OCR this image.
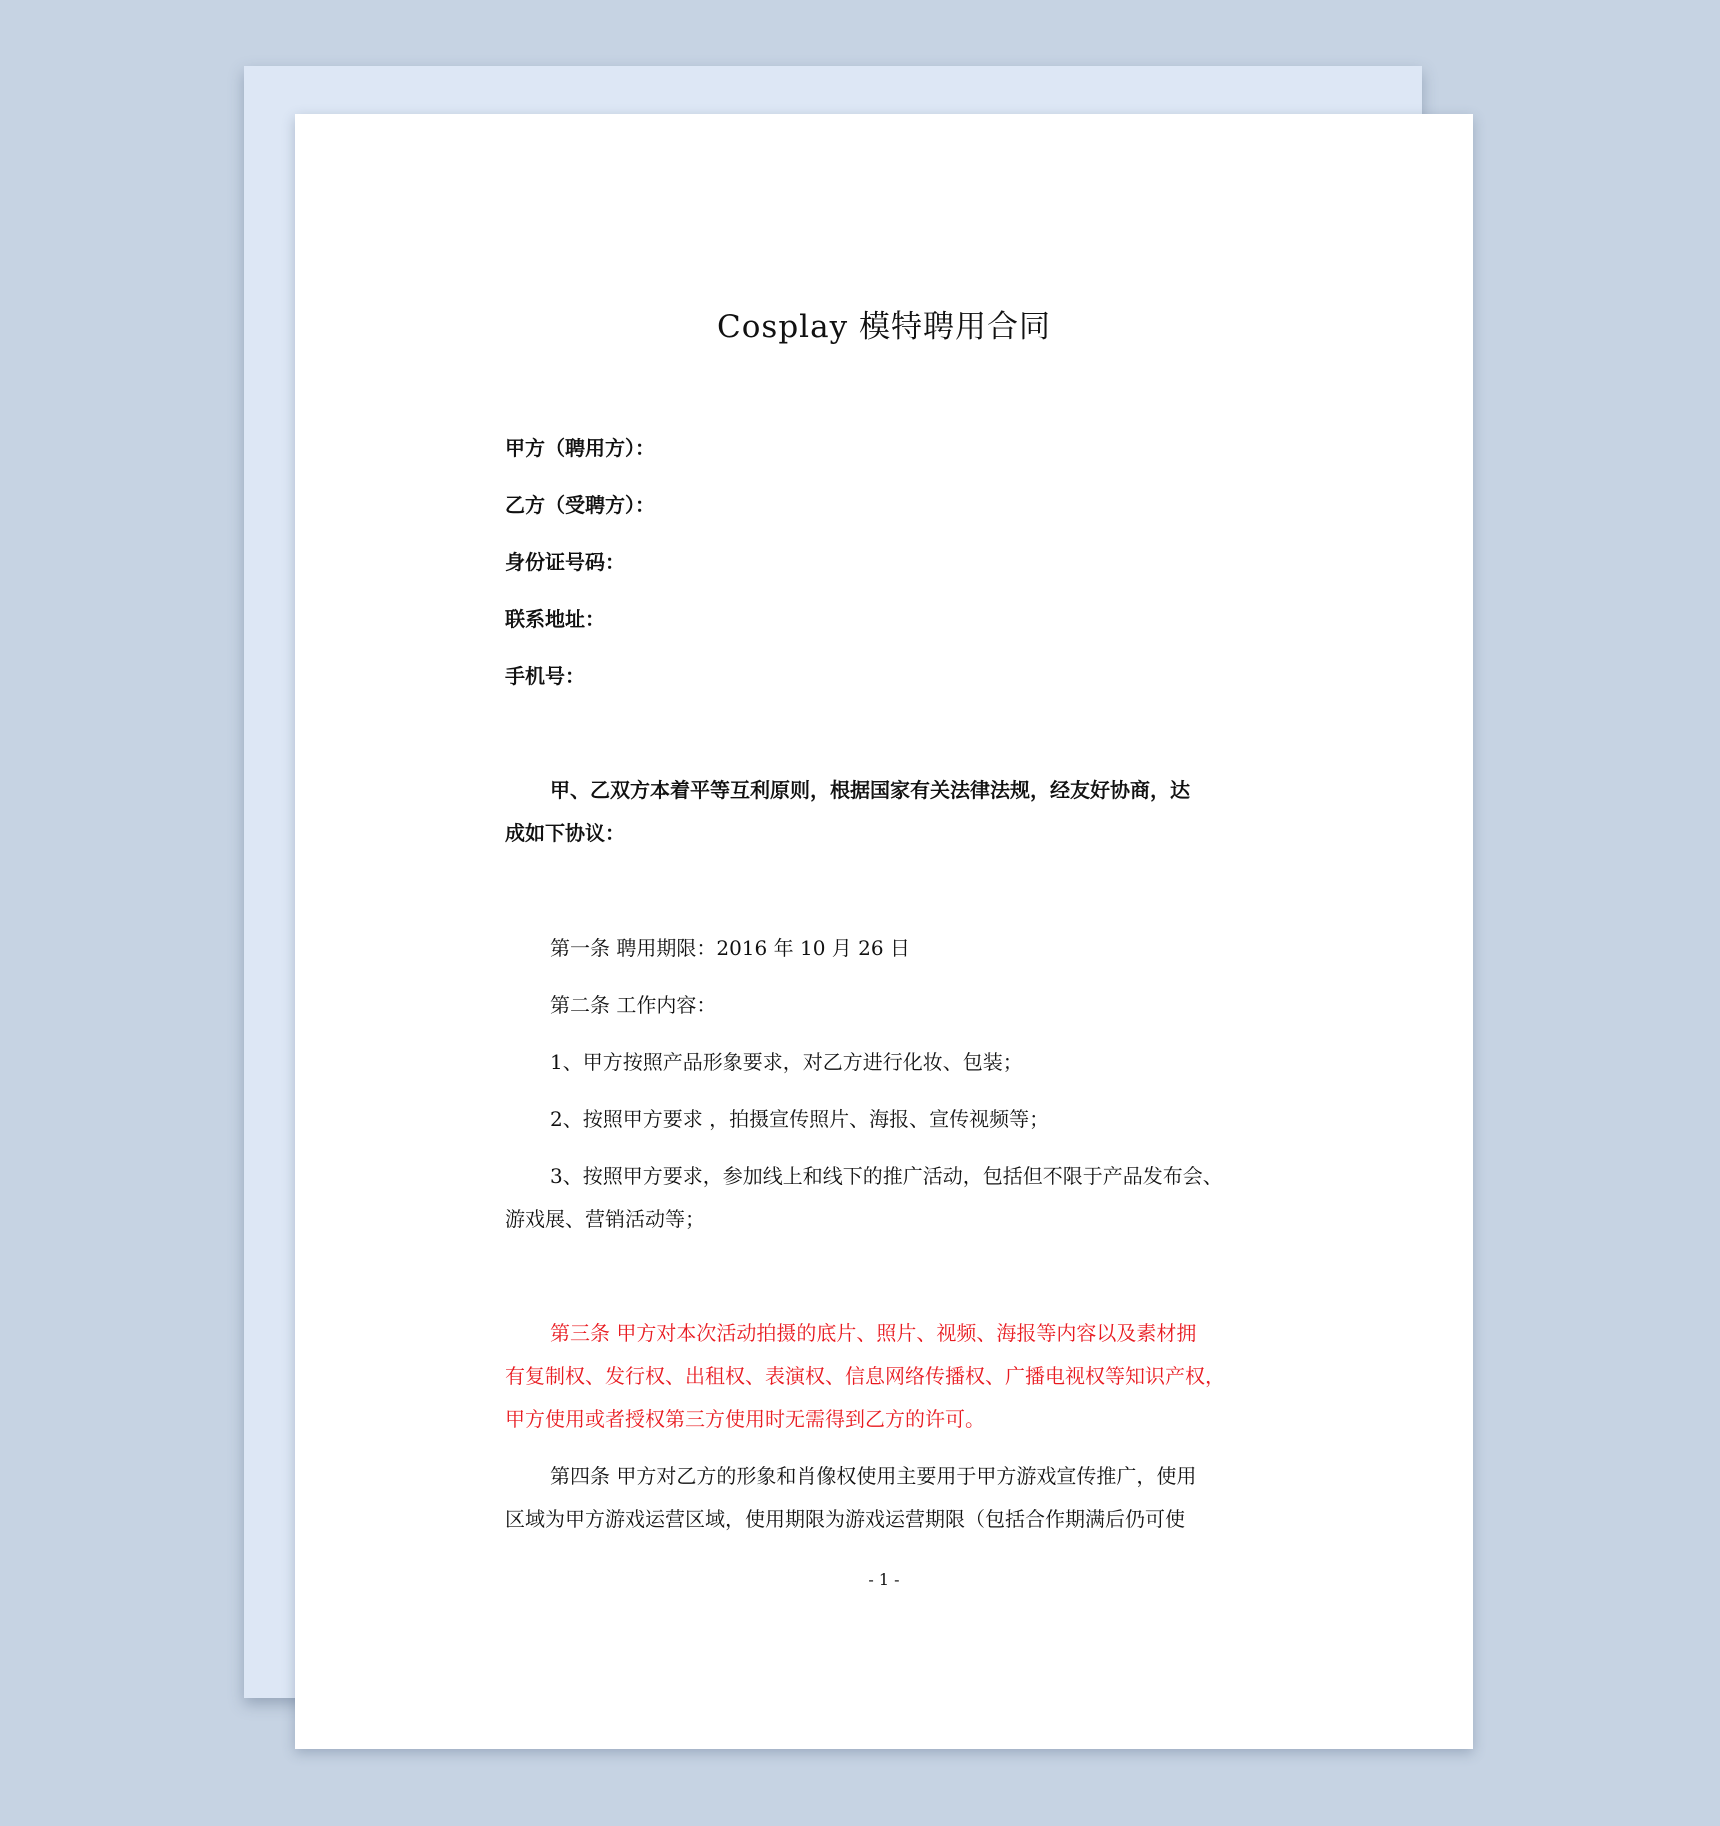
Cosplay 模特聘用合同
甲方（聘用方）：
乙方（受聘方）：
身份证号码：
联系地址：
手机号：
甲、乙双方本着平等互利原则，根据国家有关法律法规，经友好协商，达
成如下协议：
第一条 聘用期限：2016 年 10 月 26 日
第二条 工作内容：
1、甲方按照产品形象要求，对乙方进行化妆、包装；
2、按照甲方要求 ，拍摄宣传照片、海报、宣传视频等；
3、按照甲方要求，参加线上和线下的推广活动，包括但不限于产品发布会、
游戏展、营销活动等；
第三条 甲方对本次活动拍摄的底片、照片、视频、海报等内容以及素材拥
有复制权、发行权、出租权、表演权、信息网络传播权、广播电视权等知识产权，
甲方使用或者授权第三方使用时无需得到乙方的许可。
第四条 甲方对乙方的形象和肖像权使用主要用于甲方游戏宣传推广，使用
区域为甲方游戏运营区域，使用期限为游戏运营期限（包括合作期满后仍可使
- 1 -
